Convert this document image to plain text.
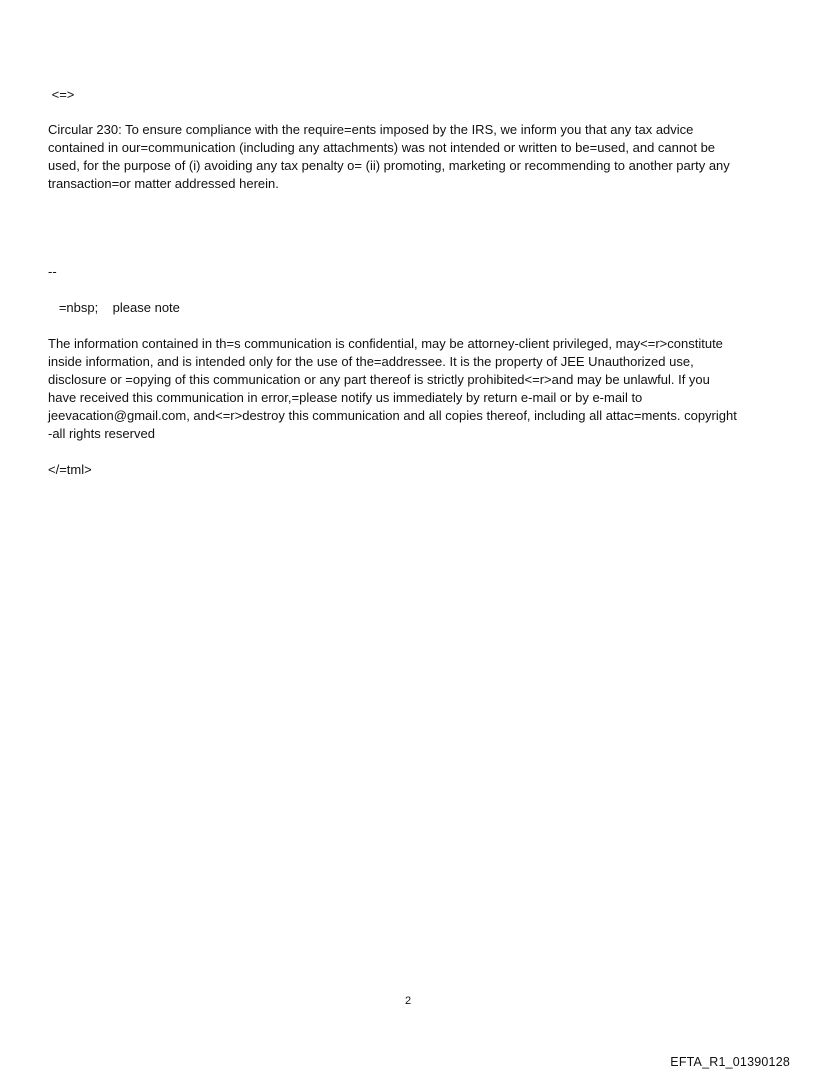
<=>
Circular 230: To ensure compliance with the require=ents imposed by the IRS, we inform you that any tax advice
contained in our=communication (including any attachments) was not intended or written to be=used, and cannot be
used, for the purpose of (i) avoiding any tax penalty o= (ii) promoting, marketing or recommending to another party any
transaction=or matter addressed herein.
--
=nbsp;    please note
The information contained in th=s communication is confidential, may be attorney-client privileged, may<=r>constitute
inside information, and is intended only for the use of the=addressee. It is the property of JEE Unauthorized use,
disclosure or =opying of this communication or any part thereof is strictly prohibited<=r>and may be unlawful. If you
have received this communication in error,=please notify us immediately by return e-mail or by e-mail to
jeevacation@gmail.com, and<=r>destroy this communication and all copies thereof, including all attac=ments. copyright
-all rights reserved
</=tml>
2
EFTA_R1_01390128
